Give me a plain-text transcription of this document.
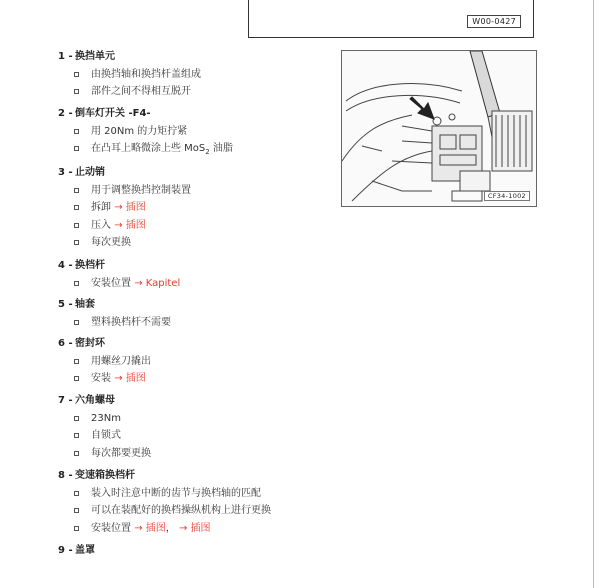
W00-0427
CF34-1002
1 - 换挡单元
由换挡轴和换挡杆盖组成
部件之间不得相互脱开
2 - 倒车灯开关 -F4-
用 20Nm 的力矩拧紧
在凸耳上略微涂上些 MoS$_2$ 油脂
3 - 止动销
用于调整换挡控制装置
拆卸 → 插图
压入 → 插图
每次更换
4 - 换档杆
安装位置 → Kapitel
5 - 轴套
塑料换档杆不需要
6 - 密封环
用螺丝刀撬出
安装 → 插图
7 - 六角螺母
23Nm
自锁式
每次都要更换
8 - 变速箱换档杆
装入时注意中断的齿节与换档轴的匹配
可以在装配好的换档操纵机构上进行更换
安装位置 → 插图， → 插图
9 - 盖罩
